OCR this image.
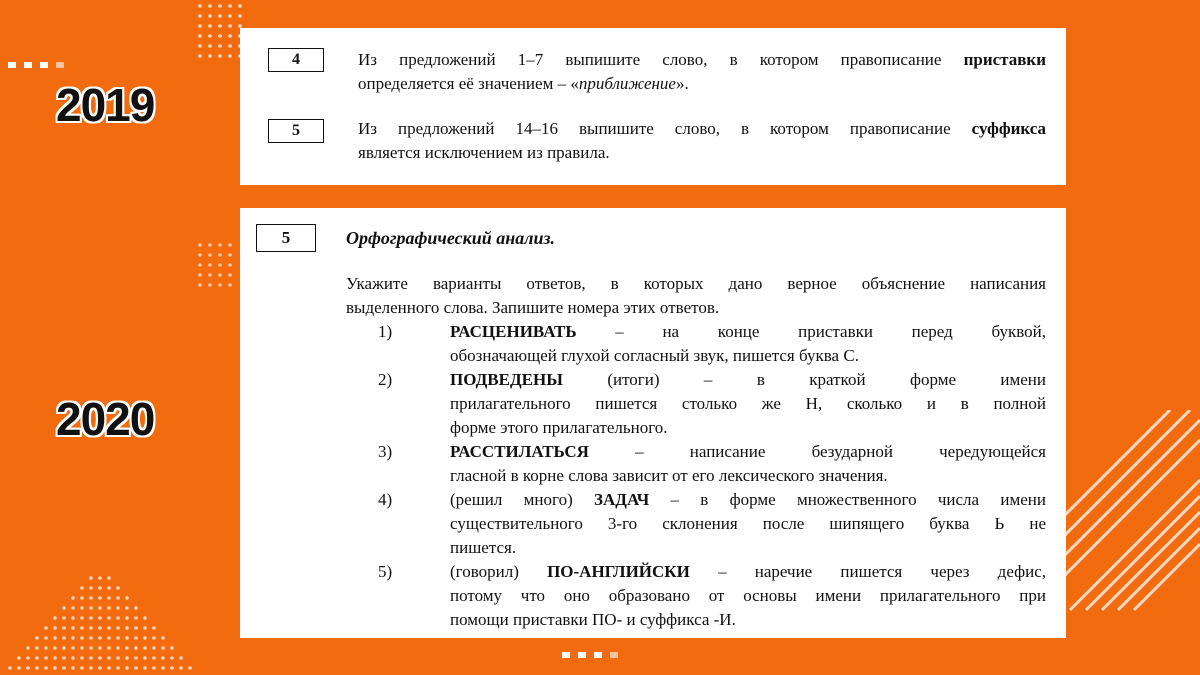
2019
2020
4	Из предложений 1–7 выпишите слово, в котором правописание приставки

определяется её значением – «приближение».

5	Из предложений 14–16 выпишите слово, в котором правописание суффикса

является исключением из правила.

5	Орфографический анализ.

Укажите варианты ответов, в которых дано верное объяснение написания

выделенного слова. Запишите номера этих ответов.

1)	РАСЦЕНИВАТЬ – на конце приставки перед буквой,
обозначающей глухой согласный звук, пишется буква С.
2)	ПОДВЕДЕНЫ (итоги) – в краткой форме имени
прилагательного пишется столько же Н, сколько и в полной
форме этого прилагательного.
3)	РАССТИЛАТЬСЯ – написание безударной чередующейся
гласной в корне слова зависит от его лексического значения.
4)	(решил много) ЗАДАЧ – в форме множественного числа имени
существительного 3-го склонения после шипящего буква Ь не
пишется.
5)	(говорил) ПО-АНГЛИЙСКИ – наречие пишется через дефис,
потому что оно образовано от основы имени прилагательного при
помощи приставки ПО- и суффикса -И.
